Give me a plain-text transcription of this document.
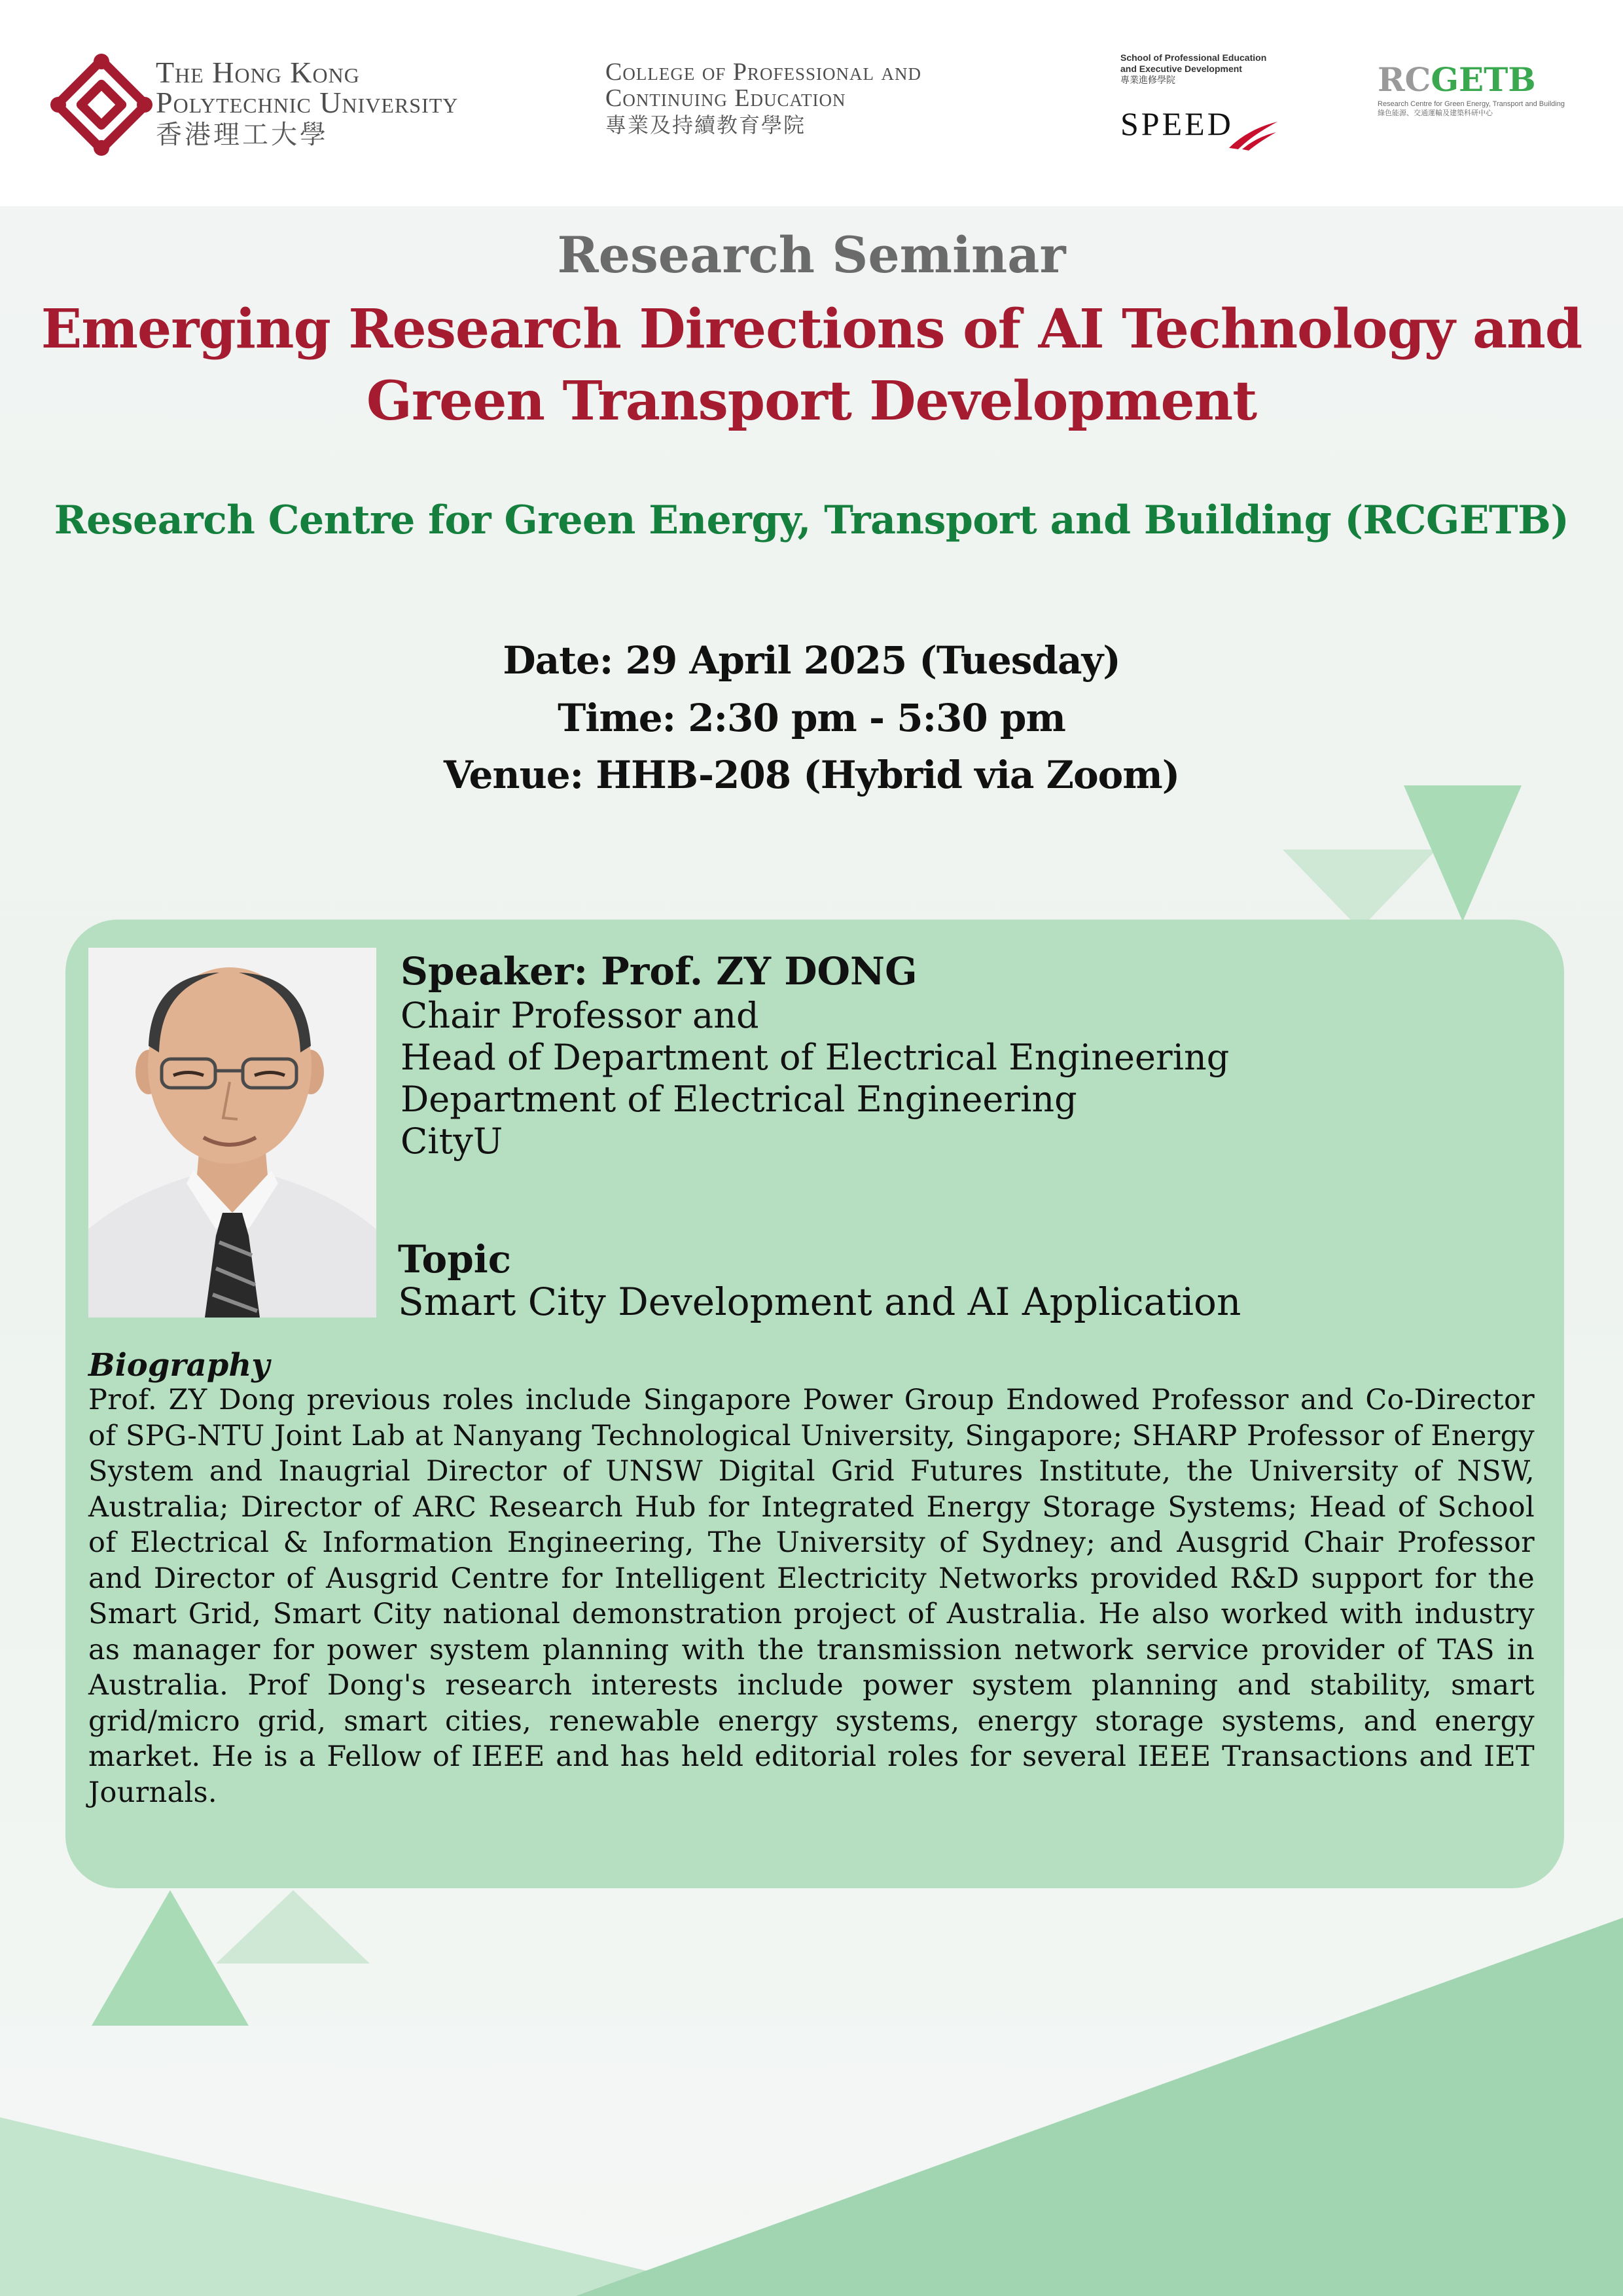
The Hong Kong
Polytechnic University
香港理工大學
College of Professional and
Continuing Education
專業及持續教育學院
School of Professional Education
and Executive Development
專業進修學院
SPEED
RCGETB
Research Centre for Green Energy, Transport and Building
綠色能源、交通運輸及建築科研中心
Research Seminar
Emerging Research Directions of AI Technology and
Green Transport Development
Research Centre for Green Energy, Transport and Building (RCGETB)
Date: 29 April 2025 (Tuesday)
Time: 2:30 pm - 5:30 pm
Venue: HHB-208 (Hybrid via Zoom)
Speaker: Prof. ZY DONG
Chair Professor and
Head of Department of Electrical Engineering
Department of Electrical Engineering
CityU
Topic
Smart City Development and AI Application
Biography
Prof. ZY Dong previous roles include Singapore Power Group Endowed Professor and Co-Director of SPG-NTU Joint Lab at Nanyang Technological University, Singapore; SHARP Professor of Energy System and Inaugrial Director of UNSW Digital Grid Futures Institute, the University of NSW, Australia; Director of ARC Research Hub for Integrated Energy Storage Systems; Head of School of Electrical & Information Engineering, The University of Sydney; and Ausgrid Chair Professor and Director of Ausgrid Centre for Intelligent Electricity Networks provided R&D support for the Smart Grid, Smart City national demonstration project of Australia. He also worked with industry as manager for power system planning with the transmission network service provider of TAS in Australia. Prof Dong's research interests include power system planning and stability, smart grid/micro grid, smart cities, renewable energy systems, energy storage systems, and energy market. He is a Fellow of IEEE and has held editorial roles for several IEEE Transactions and IET Journals.
